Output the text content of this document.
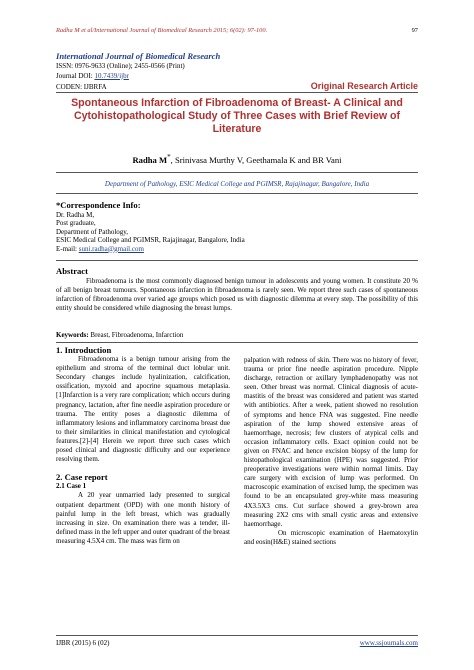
Radha M et al/International Journal of Biomedical Research 2015; 6(02): 97-100.	97
International Journal of Biomedical Research
ISSN: 0976-9633 (Online); 2455-0566 (Print)
Journal DOI: 10.7439/ijbr
CODEN: IJBRFA	Original Research Article
Spontaneous Infarction of Fibroadenoma of Breast- A Clinical and Cytohistopathological Study of Three Cases with Brief Review of Literature
Radha M*, Srinivasa Murthy V, Geethamala K and BR Vani
Department of Pathology, ESIC Medical College and PGIMSR, Rajajinagar, Bangalore, India
*Correspondence Info:
Dr. Radha M,
Post graduate,
Department of Pathology,
ESIC Medical College and PGIMSR, Rajajinagar, Bangalore, India
E-mail: suni.radha@gmail.com
Abstract
Fibroadenoma is the most commonly diagnosed benign tumour in adolescents and young women. It constitute 20 % of all benign breast tumours. Spontaneous infarction in fibroadenoma is rarely seen. We report three such cases of spontaneous infarction of fibroadenoma over varied age groups which posed us with diagnostic dilemma at every step. The possibility of this entity should be considered while diagnosing the breast lumps.
Keywords: Breast, Fibroadenoma, Infarction
1. Introduction
Fibroadenoma is a benign tumour arising from the epithelium and stroma of the terminal duct lobular unit. Secondary changes include hyalinization, calcification, ossification, myxoid and apocrine squamous metaplasia.[1]Infarction is a very rare complication; which occurs during pregnancy, lactation, after fine needle aspiration procedure or trauma. The entity poses a diagnostic dilemma of inflammatory lesions and inflammatory carcinoma breast due to their similarities in clinical manifestation and cytological features.[2]-[4] Herein we report three such cases which posed clinical and diagnostic difficulty and our experience resolving them.
2. Case report
2.1 Case 1
A 20 year unmarried lady presented to surgical outpatient department (OPD) with one month history of painful lump in the left breast, which was gradually increasing in size. On examination there was a tender, ill-defined mass in the left upper and outer quadrant of the breast measuring 4.5X4 cm. The mass was firm on
palpation with redness of skin. There was no history of fever, trauma or prior fine needle aspiration procedure. Nipple discharge, retraction or axillary lymphadenopathy was not seen. Other breast was normal. Clinical diagnosis of acute- mastitis of the breast was considered and patient was started with antibiotics. After a week, patient showed no resolution of symptoms and hence FNA was suggested. Fine needle aspiration of the lump showed extensive areas of haemorrhage, necrosis; few clusters of atypical cells and occasion inflammatory cells. Exact opinion could not be given on FNAC and hence excision biopsy of the lump for histopathological examination (HPE) was suggested. Prior preoperative investigations were within normal limits. Day care surgery with excision of lump was performed. On macroscopic examination of excised lump, the specimen was found to be an encapsulated grey-white mass measuring 4X3.5X3 cms. Cut surface showed a grey-brown area measuring 2X2 cms with small cystic areas and extensive haemorrhage.
On microscopic examination of Haematoxylin and eosin(H&E) stained sections
IJBR (2015) 6 (02)	www.ssjournals.com
